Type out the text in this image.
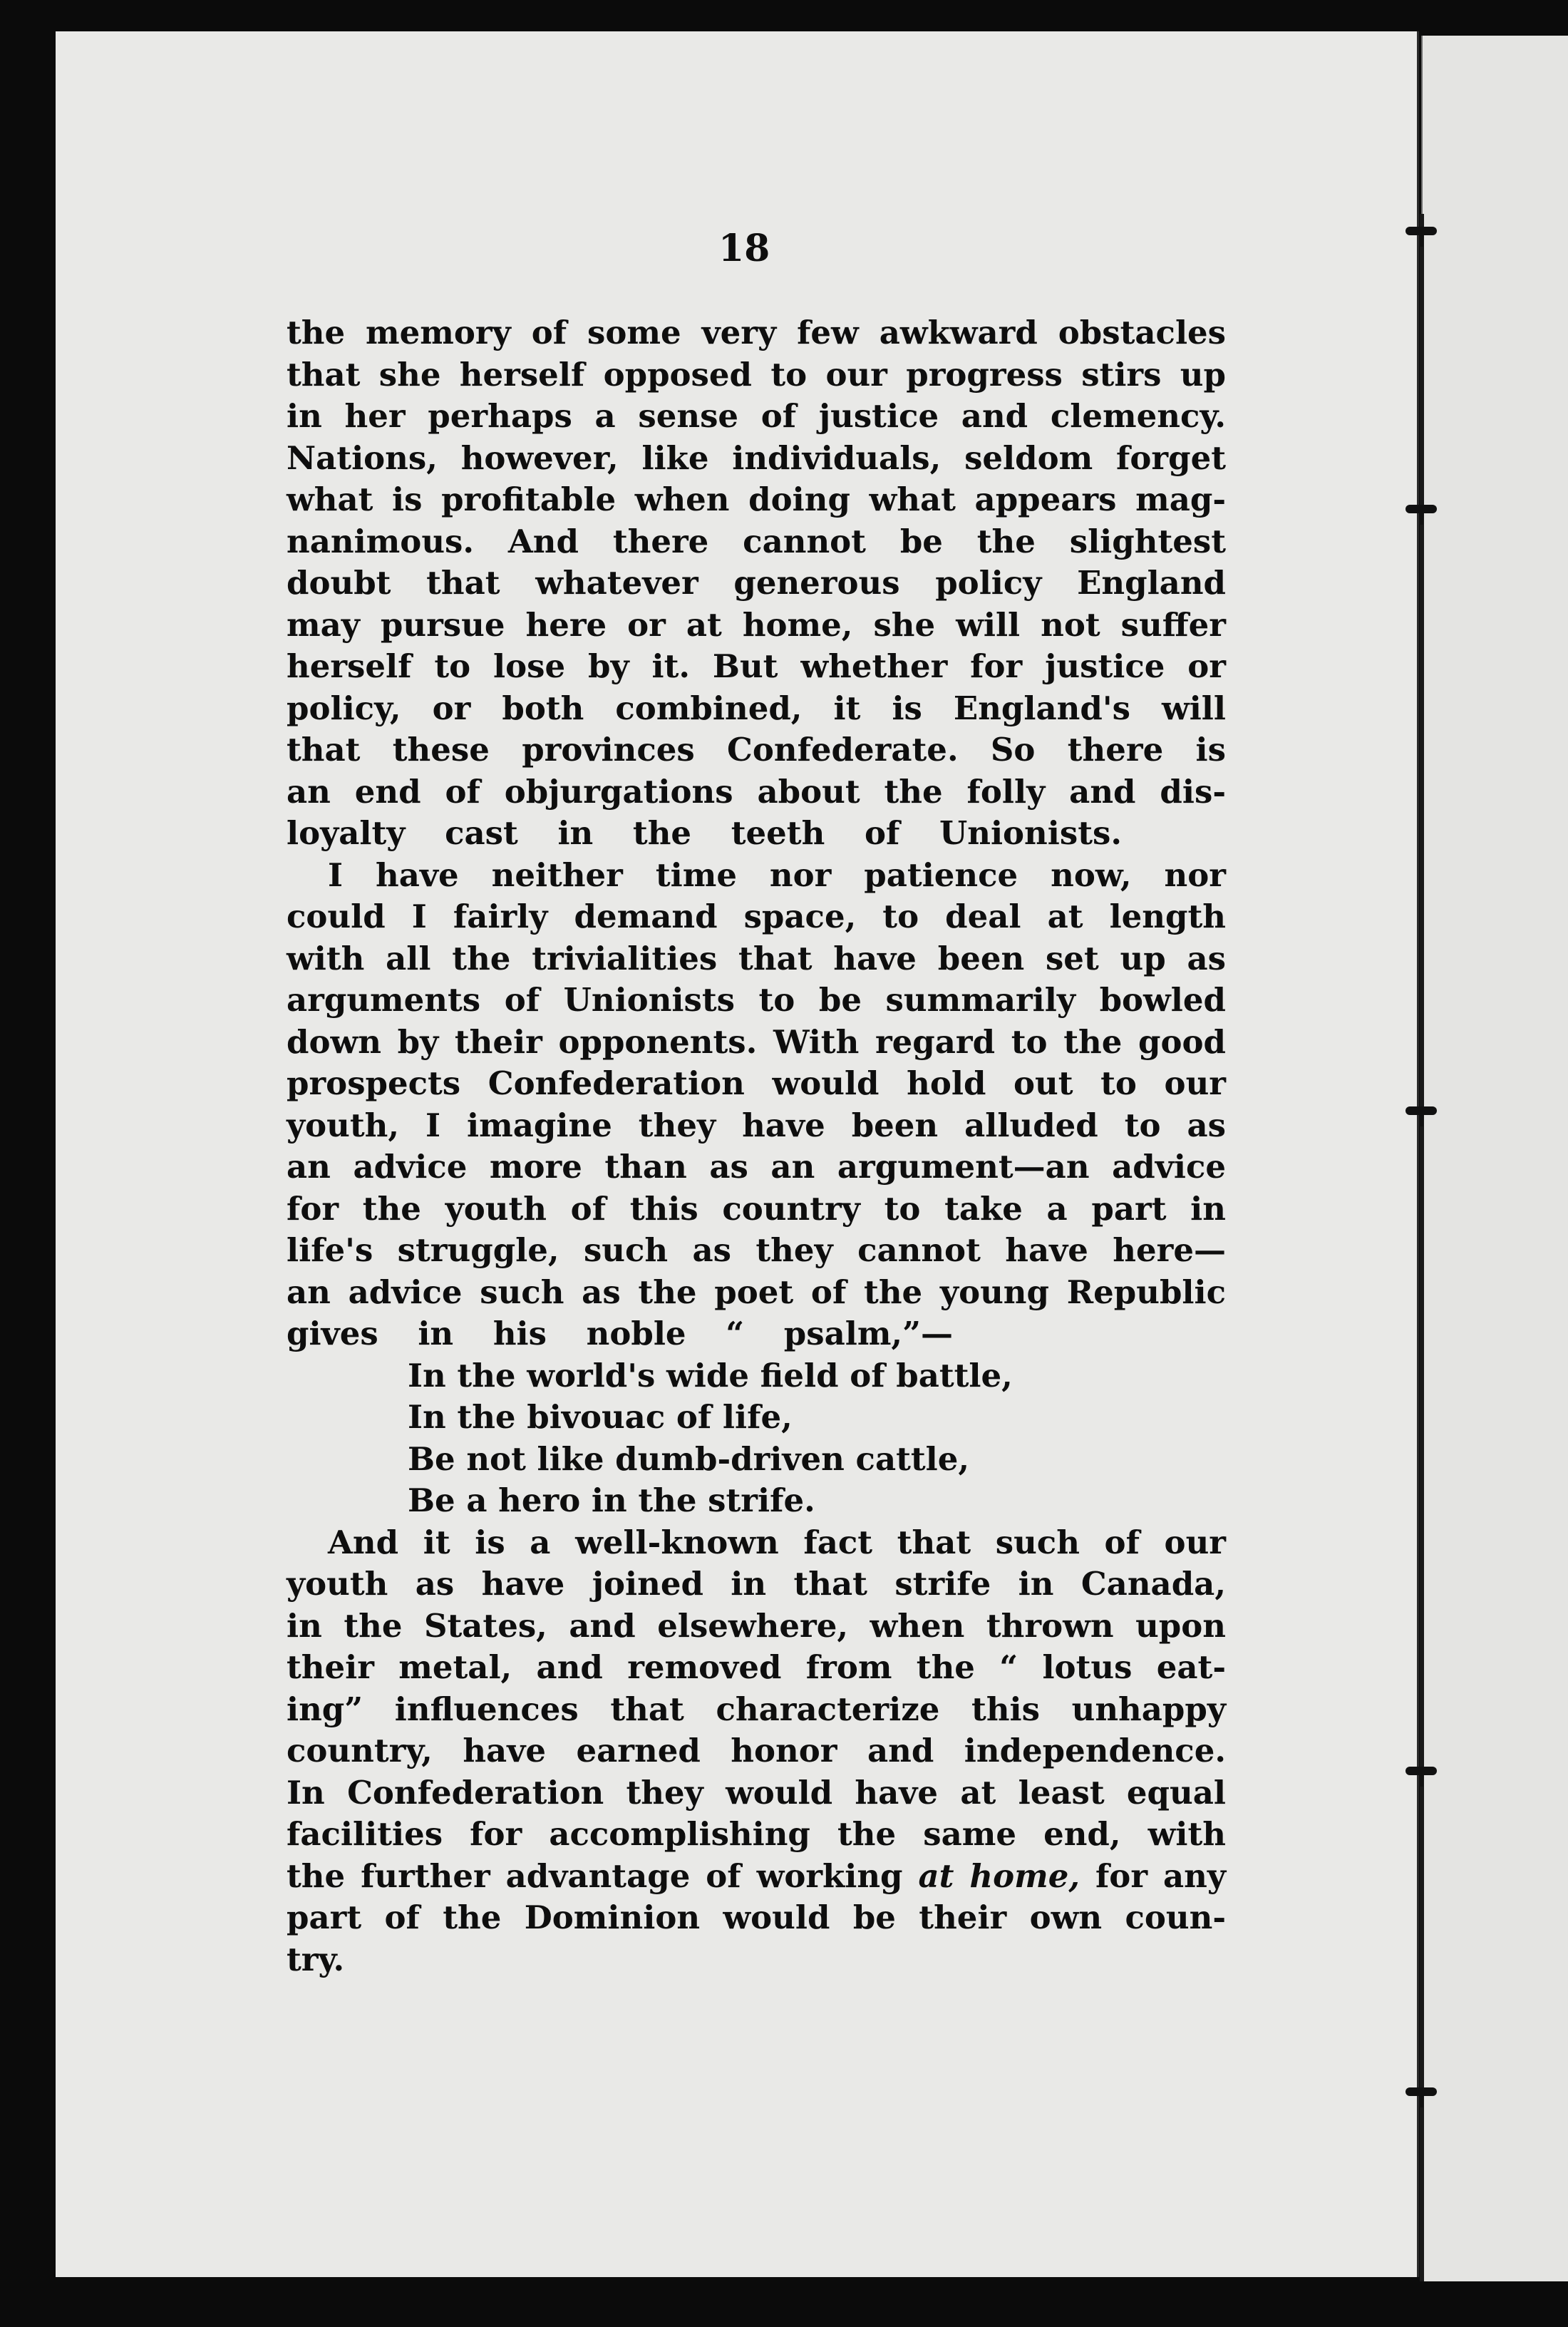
18
the memory of some very few awkward obstacles
that she herself opposed to our progress stirs up
in her perhaps a sense of justice and clemency.
Nations, however, like individuals, seldom forget
what is profitable when doing what appears mag-
nanimous. And there cannot be the slightest
doubt that whatever generous policy England
may pursue here or at home, she will not suffer
herself to lose by it. But whether for justice or
policy, or both combined, it is England's will
that these provinces Confederate. So there is
an end of objurgations about the folly and dis-
loyalty cast in the teeth of Unionists.
I have neither time nor patience now, nor
could I fairly demand space, to deal at length
with all the trivialities that have been set up as
arguments of Unionists to be summarily bowled
down by their opponents. With regard to the good
prospects Confederation would hold out to our
youth, I imagine they have been alluded to as
an advice more than as an argument—an advice
for the youth of this country to take a part in
life's struggle, such as they cannot have here—
an advice such as the poet of the young Republic
gives in his noble “ psalm,”—
In the world's wide field of battle,
In the bivouac of life,
Be not like dumb-driven cattle,
Be a hero in the strife.
And it is a well-known fact that such of our
youth as have joined in that strife in Canada,
in the States, and elsewhere, when thrown upon
their metal, and removed from the “ lotus eat-
ing” influences that characterize this unhappy
country, have earned honor and independence.
In Confederation they would have at least equal
facilities for accomplishing the same end, with
the further advantage of working at home, for any
part of the Dominion would be their own coun-
try.
